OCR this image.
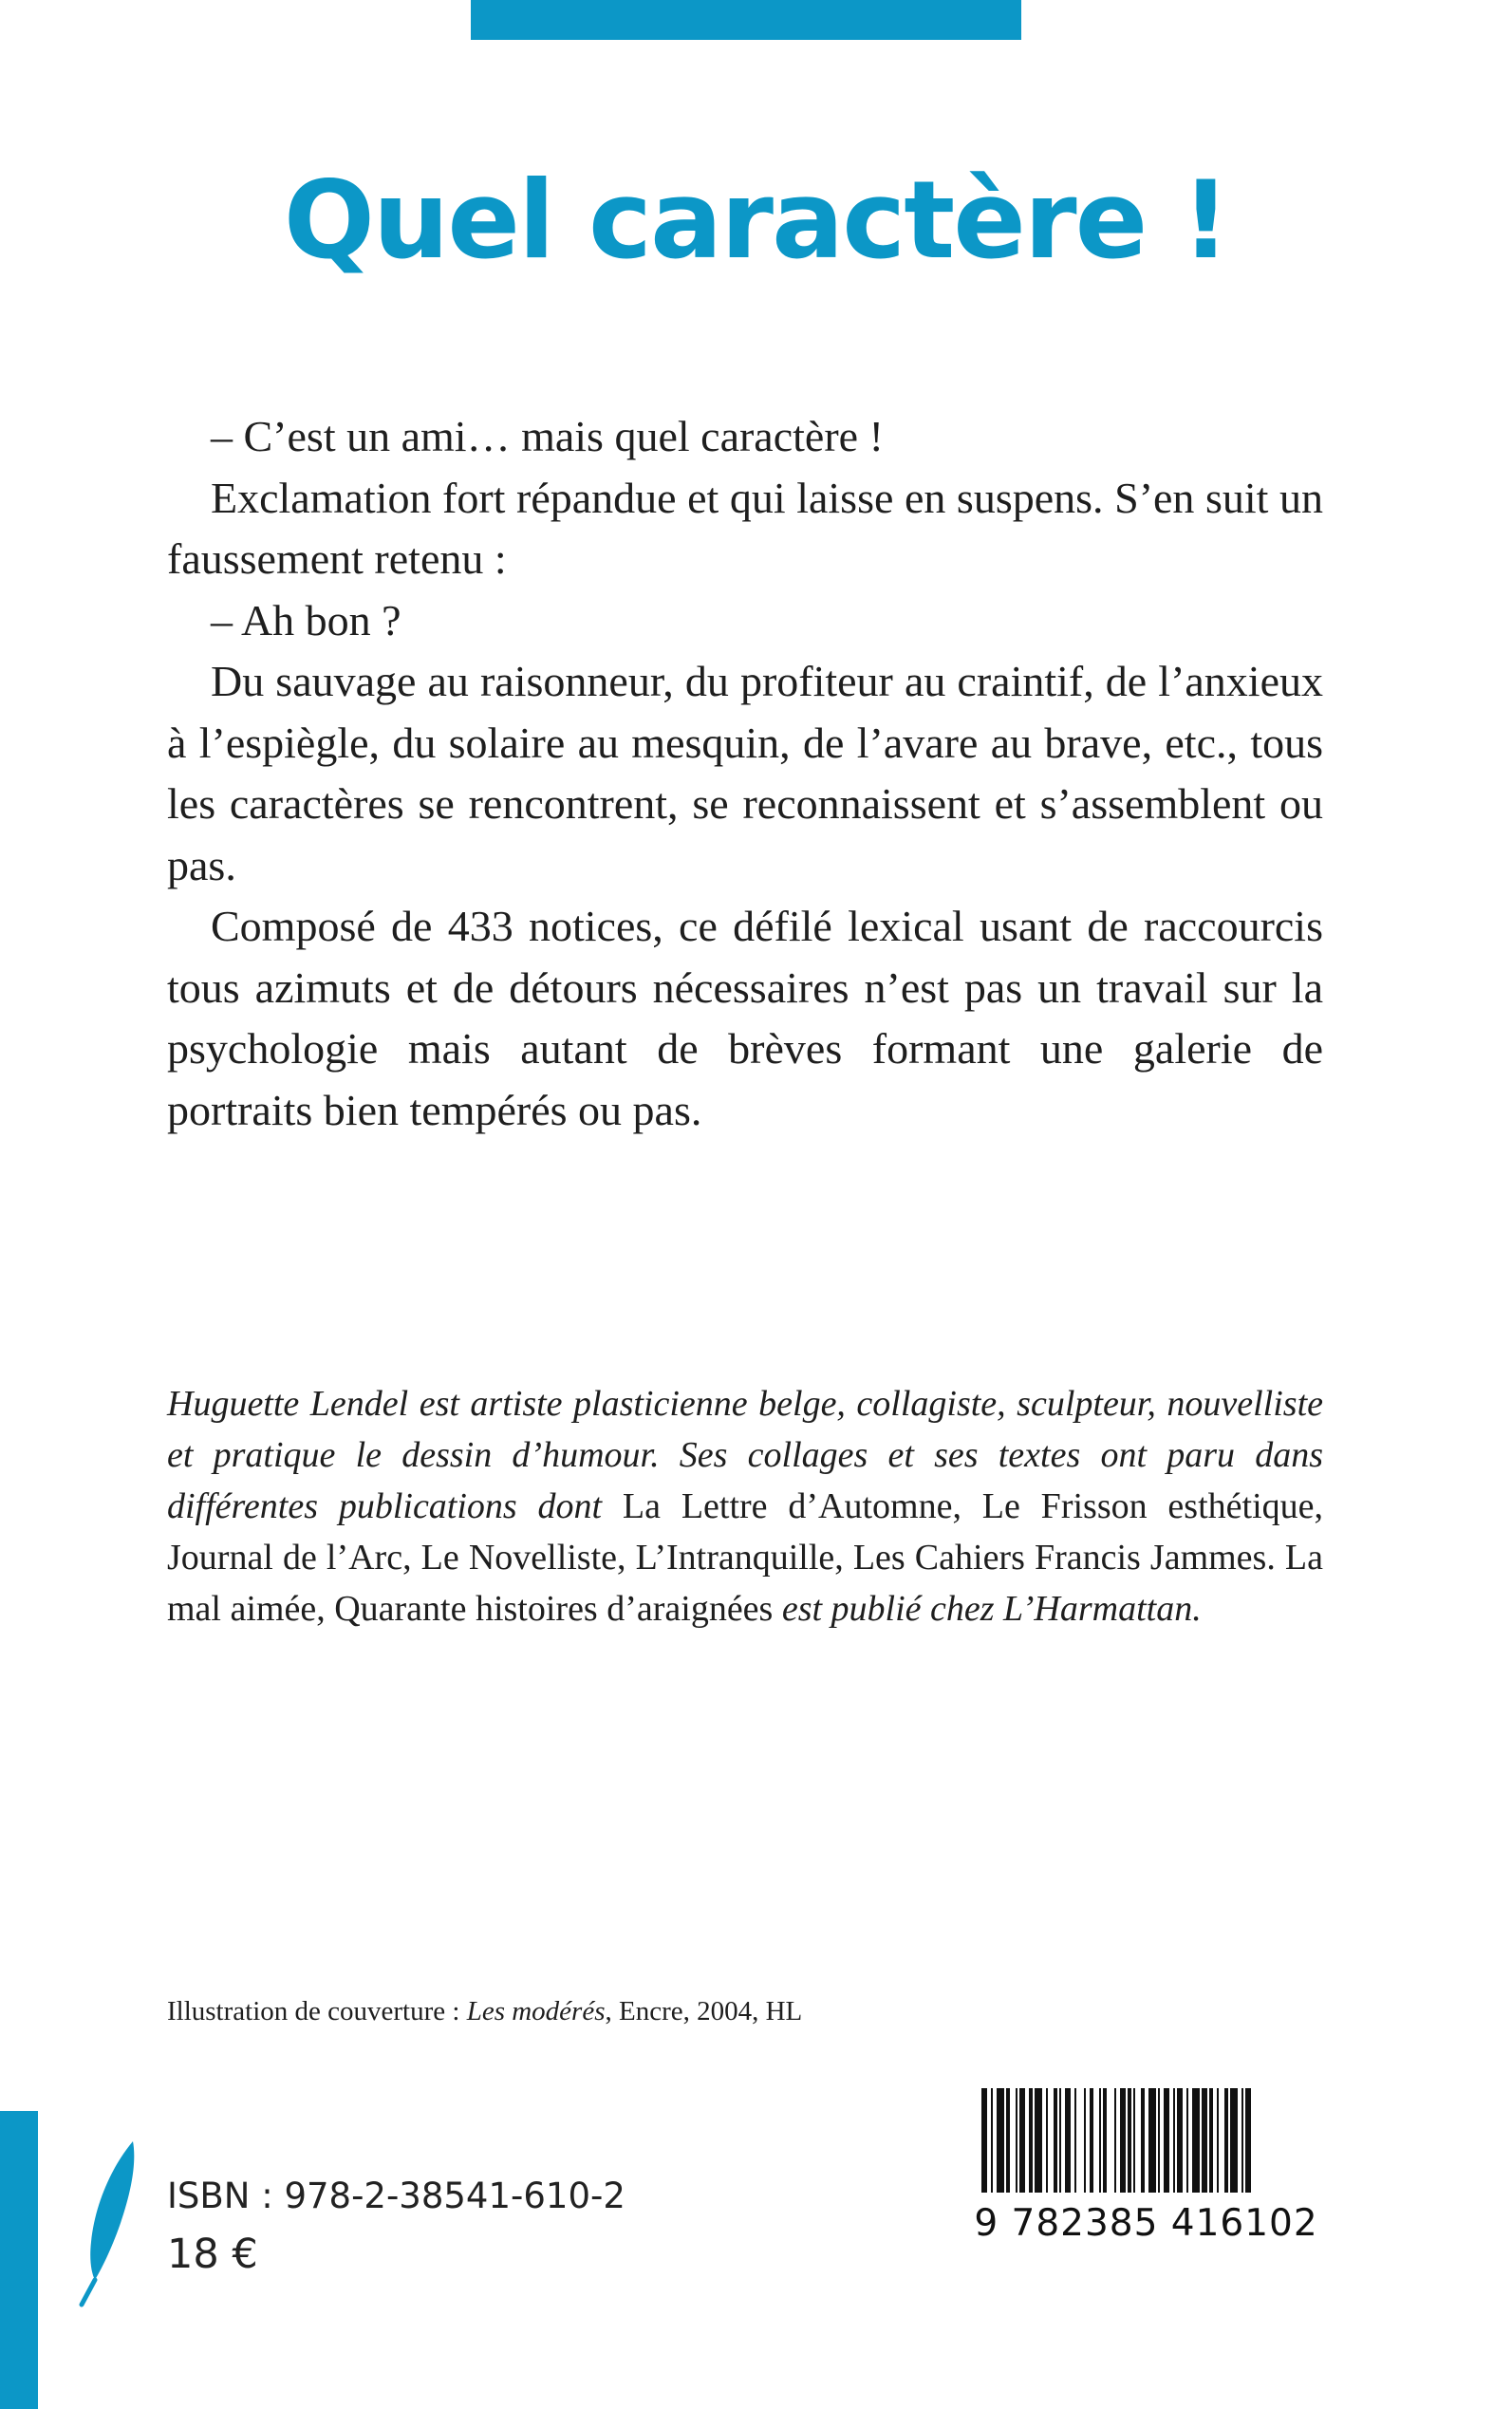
Quel caractère !

– C’est un ami… mais quel caractère !

Exclamation fort répandue et qui laisse en suspens. S’en suit un faussement retenu :

– Ah bon ?

Du sauvage au raisonneur, du profiteur au craintif, de l’anxieux à l’espiègle, du solaire au mesquin, de l’avare au brave, etc., tous les caractères se rencontrent, se reconnaissent et s’assemblent ou pas.

Composé de 433 notices, ce défilé lexical usant de raccourcis tous azimuts et de détours nécessaires n’est pas un travail sur la psychologie mais autant de brèves formant une galerie de portraits bien tempérés ou pas.

Huguette Lendel est artiste plasticienne belge, collagiste, sculpteur, nouvelliste et pratique le dessin d’humour. Ses collages et ses textes ont paru dans différentes publications dont La Lettre d’Automne, Le Frisson esthétique, Journal de l’Arc, Le Novelliste, L’Intranquille, Les Cahiers Francis Jammes. La mal aimée, Quarante histoires d’araignées est publié chez L’Harmattan.

Illustration de couverture : Les modérés, Encre, 2004, HL
ISBN : 978-2-38541-610-2
18 €
9 782385 416102
